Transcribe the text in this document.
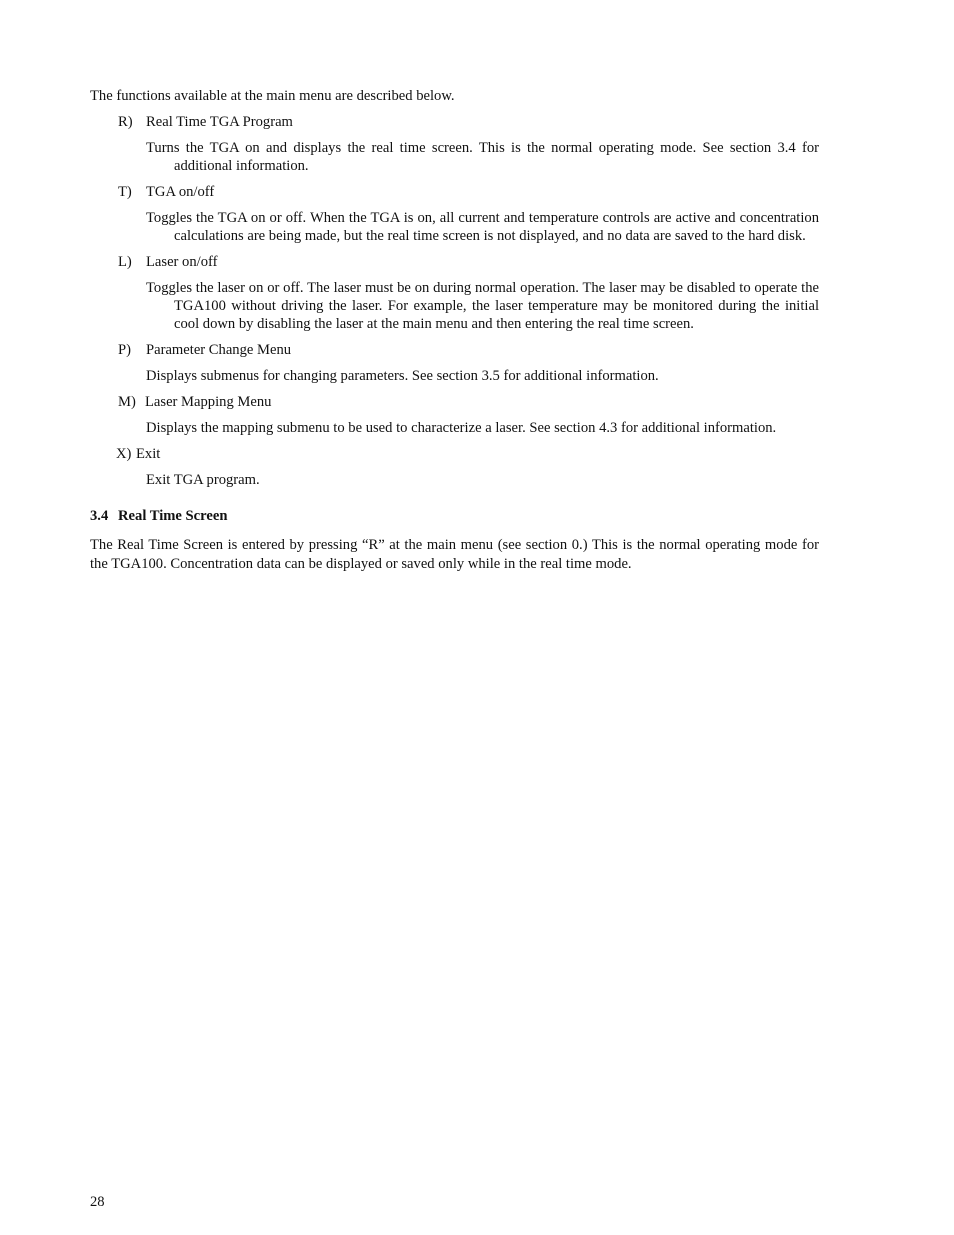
The functions available at the main menu are described below.

R) Real Time TGA Program
Turns the TGA on and displays the real time screen. This is the normal operating mode. See section 3.4 for additional information.
T) TGA on/off
Toggles the TGA on or off. When the TGA is on, all current and temperature controls are active and concentration calculations are being made, but the real time screen is not displayed, and no data are saved to the hard disk.
L) Laser on/off
Toggles the laser on or off. The laser must be on during normal operation. The laser may be disabled to operate the TGA100 without driving the laser. For example, the laser temperature may be monitored during the initial cool down by disabling the laser at the main menu and then entering the real time screen.
P) Parameter Change Menu
Displays submenus for changing parameters. See section 3.5 for additional information.
M) Laser Mapping Menu
Displays the mapping submenu to be used to characterize a laser. See section 4.3 for additional information.
X) Exit
Exit TGA program.
3.4 Real Time Screen

The Real Time Screen is entered by pressing “R” at the main menu (see section 0.) This is the normal operating mode for the TGA100. Concentration data can be displayed or saved only while in the real time mode.

28
